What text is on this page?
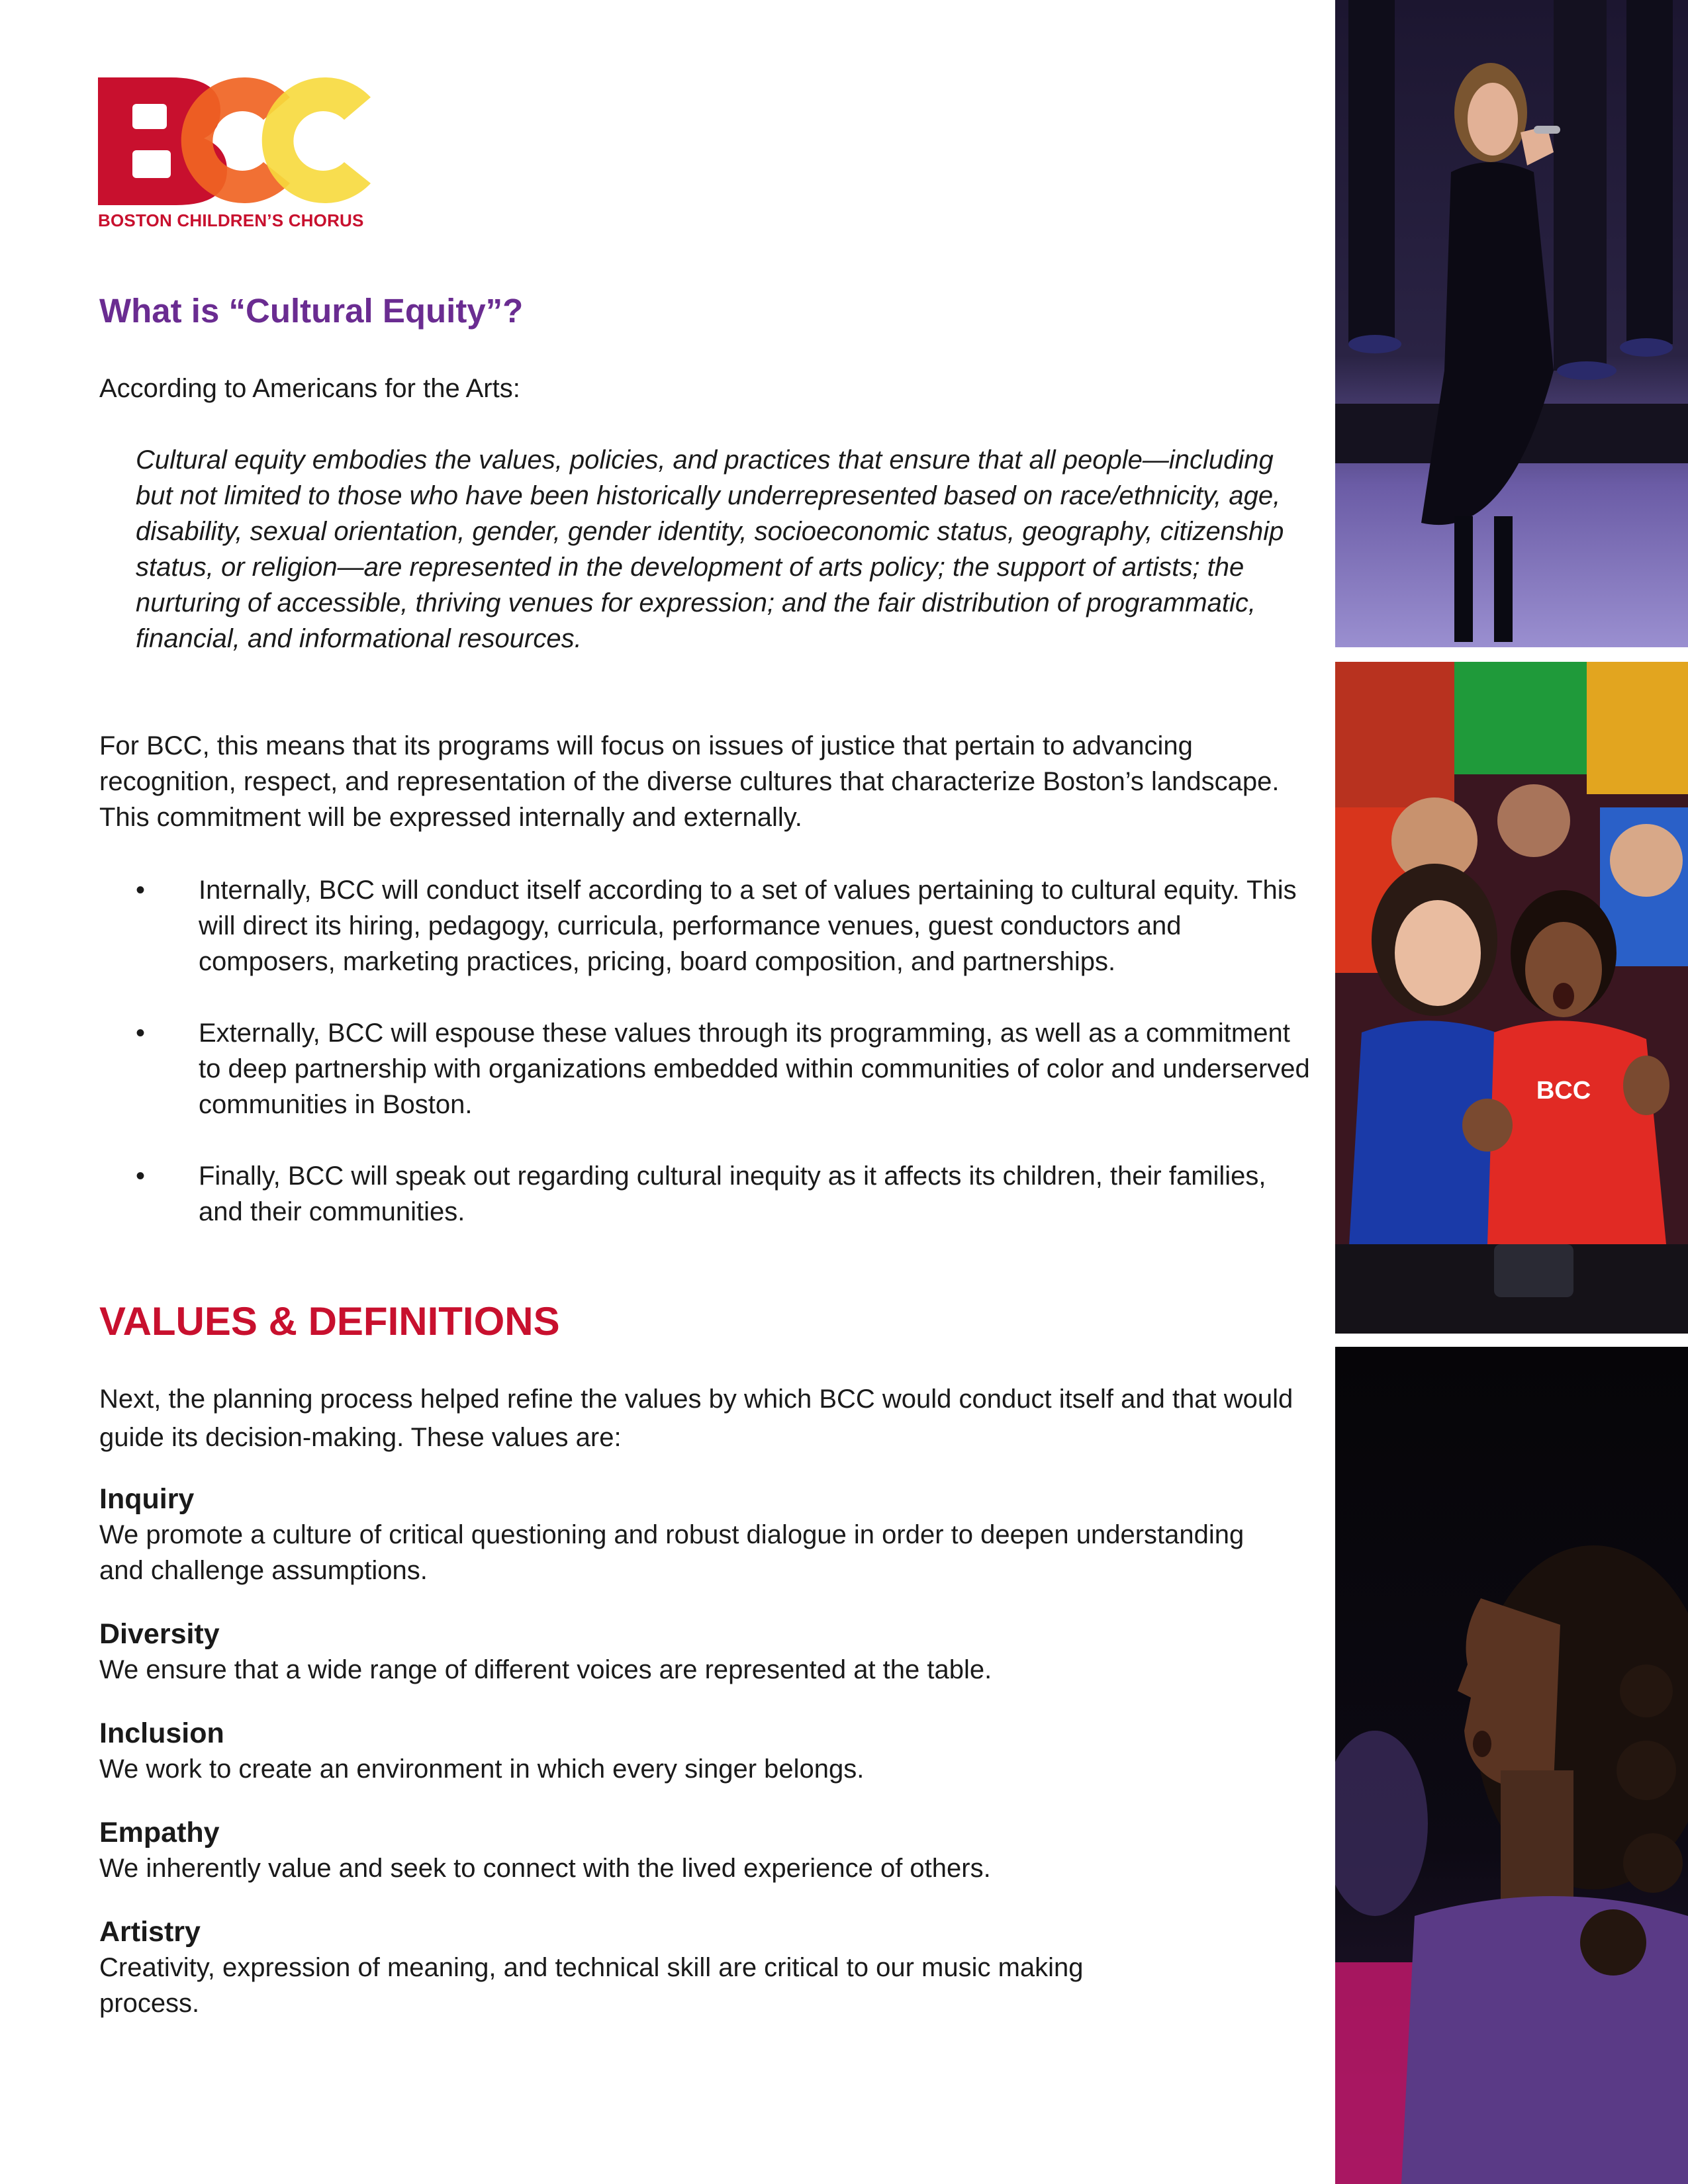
BOSTON CHILDREN’S CHORUS
What is “Cultural Equity”?

According to Americans for the Arts:

Cultural equity embodies the values, policies, and practices that ensure that all people—including but not limited to those who have been historically underrepresented based on race/ethnicity, age, disability, sexual orientation, gender, gender identity, socioeconomic status, geography, citizenship status, or religion—are represented in the development of arts policy; the support of artists; the nurturing of accessible, thriving venues for expression; and the fair distribution of programmatic, financial, and informational resources.

For BCC, this means that its programs will focus on issues of justice that pertain to advancing recognition, respect, and representation of the diverse cultures that characterize Boston’s landscape. This commitment will be expressed internally and externally.

• Internally, BCC will conduct itself according to a set of values pertaining to cultural equity. This will direct its hiring, pedagogy, curricula, performance venues, guest conductors and composers, marketing practices, pricing, board composition, and partnerships.
• Externally, BCC will espouse these values through its programming, as well as a commitment to deep partnership with organizations embedded within communities of color and underserved communities in Boston.
• Finally, BCC will speak out regarding cultural inequity as it affects its children, their families, and their communities.
VALUES & DEFINITIONS

Next, the planning process helped refine the values by which BCC would conduct itself and that would guide its decision-making. These values are:

Inquiry
We promote a culture of critical questioning and robust dialogue in order to deepen understanding and challenge assumptions.
Diversity
We ensure that a wide range of different voices are represented at the table.
Inclusion
We work to create an environment in which every singer belongs.
Empathy
We inherently value and seek to connect with the lived experience of others.
Artistry
Creativity, expression of meaning, and technical skill are critical to our music making process.
BCC
